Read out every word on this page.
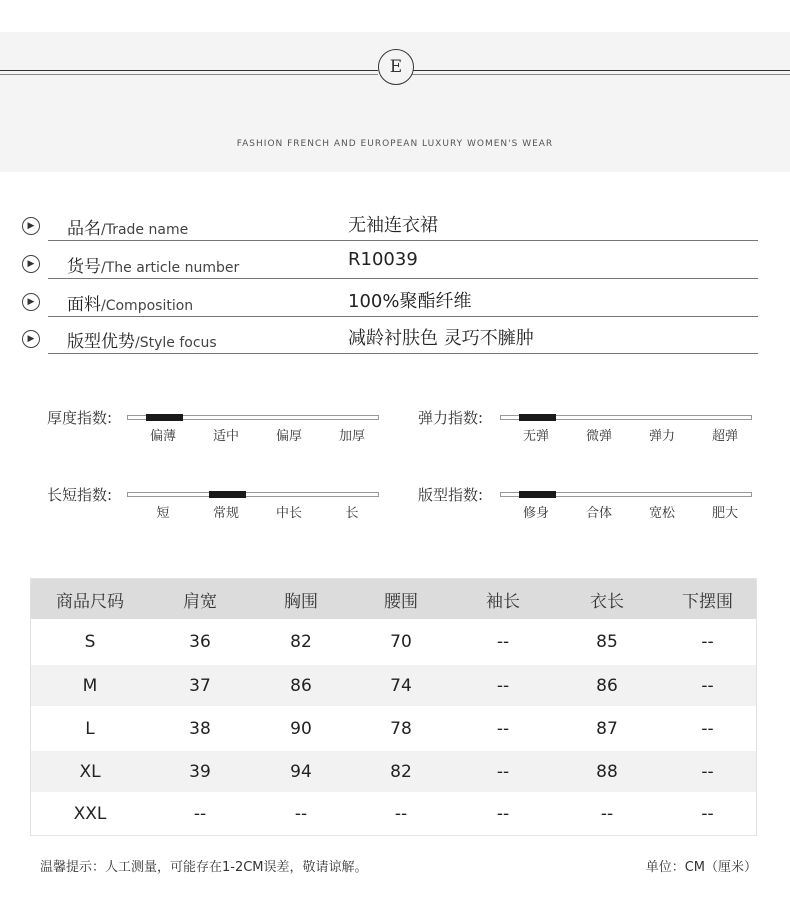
E
FASHION FRENCH AND EUROPEAN LUXURY WOMEN'S WEAR
▶	品名/Trade name	无袖连衣裙
▶	货号/The article number	R10039
▶	面料/Composition	100%聚酯纤维
▶	版型优势/Style focus	减龄衬肤色 灵巧不臃肿
厚度指数:
偏薄	适中	偏厚	加厚
弹力指数:
无弹	微弹	弹力	超弹
长短指数:
短	常规	中长	长
版型指数:
修身	合体	宽松	肥大
商品尺码	肩宽	胸围	腰围	袖长	衣长	下摆围
S	36	82	70	--	85	--
M	37	86	74	--	86	--
L	38	90	78	--	87	--
XL	39	94	82	--	88	--
XXL	--	--	--	--	--	--
温馨提示：人工测量，可能存在1-2CM误差，敬请谅解。	单位：CM（厘米）
